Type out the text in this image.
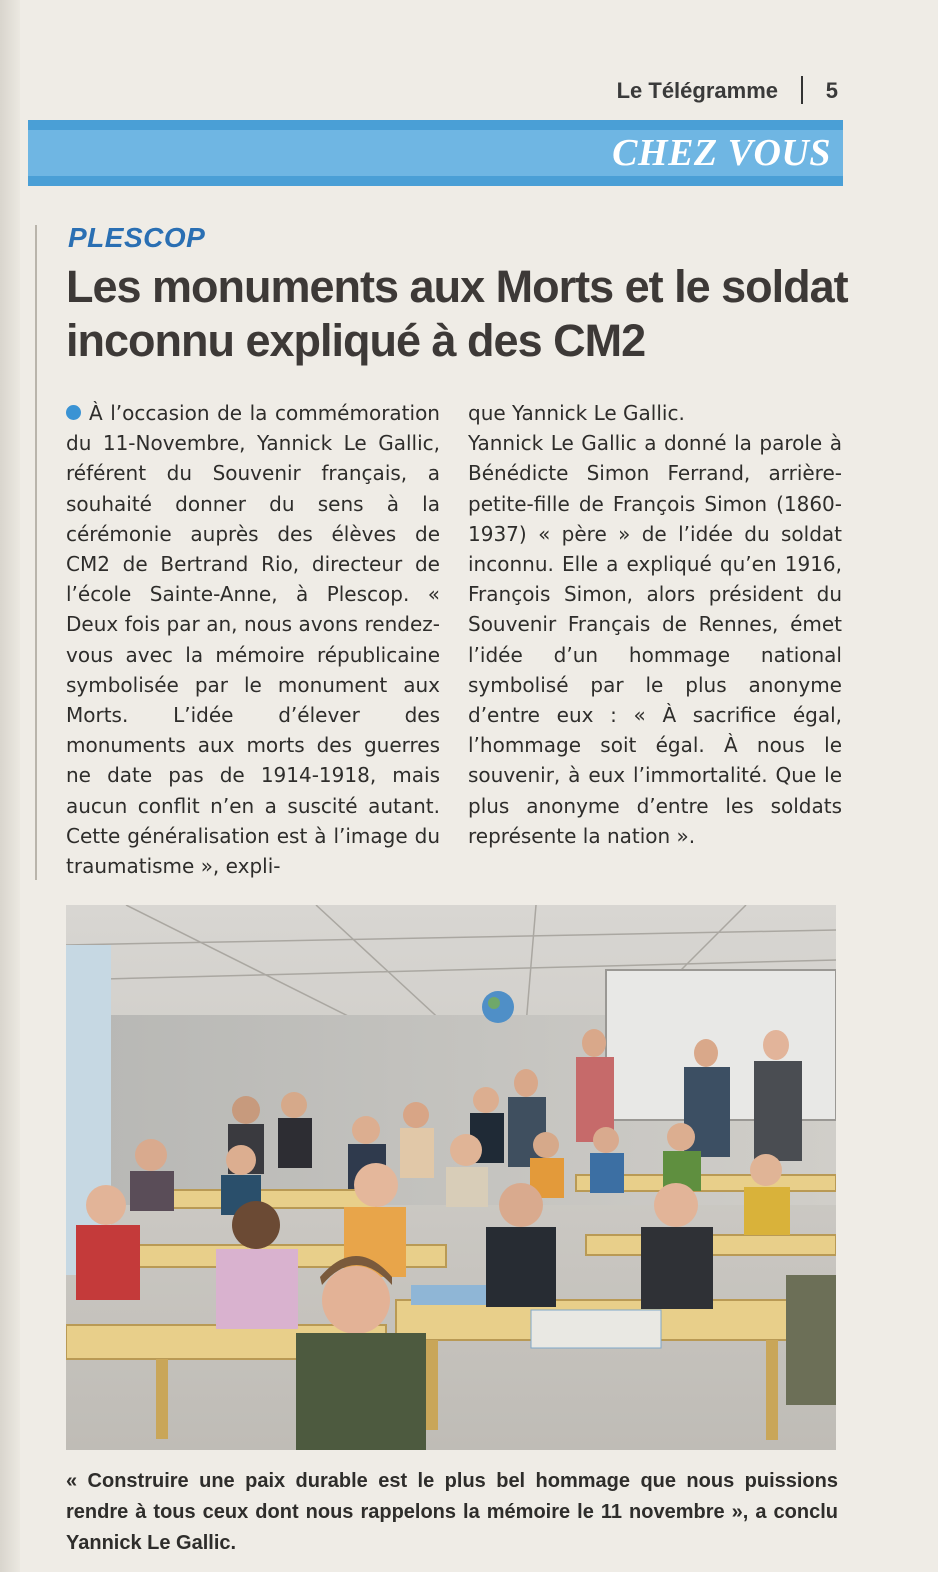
Le Télégramme 5
CHEZ VOUS
PLESCOP
Les monuments aux Morts et le soldat inconnu expliqué à des CM2

À l’occasion de la commémoration du 11-Novembre, Yannick Le Gallic, référent du Souvenir français, a souhaité donner du sens à la cérémonie auprès des élèves de CM2 de Bertrand Rio, directeur de l’école Sainte-Anne, à Plescop. « Deux fois par an, nous avons rendez-vous avec la mémoire républicaine symbolisée par le monument aux Morts. L’idée d’élever des monuments aux morts des guerres ne date pas de 1914-1918, mais aucun conflit n’en a suscité autant. Cette généralisation est à l’image du traumatisme », expli-

que Yannick Le Gallic.

Yannick Le Gallic a donné la parole à Bénédicte Simon Ferrand, arrière-petite-fille de François Simon (1860-1937) « père » de l’idée du soldat inconnu. Elle a expliqué qu’en 1916, François Simon, alors président du Souvenir Français de Rennes, émet l’idée d’un hommage national symbolisé par le plus anonyme d’entre eux : « À sacrifice égal, l’hommage soit égal. À nous le souvenir, à eux l’immortalité. Que le plus anonyme d’entre les soldats représente la nation ».

« Construire une paix durable est le plus bel hommage que nous puissions rendre à tous ceux dont nous rappelons la mémoire le 11 novembre », a conclu Yannick Le Gallic.
